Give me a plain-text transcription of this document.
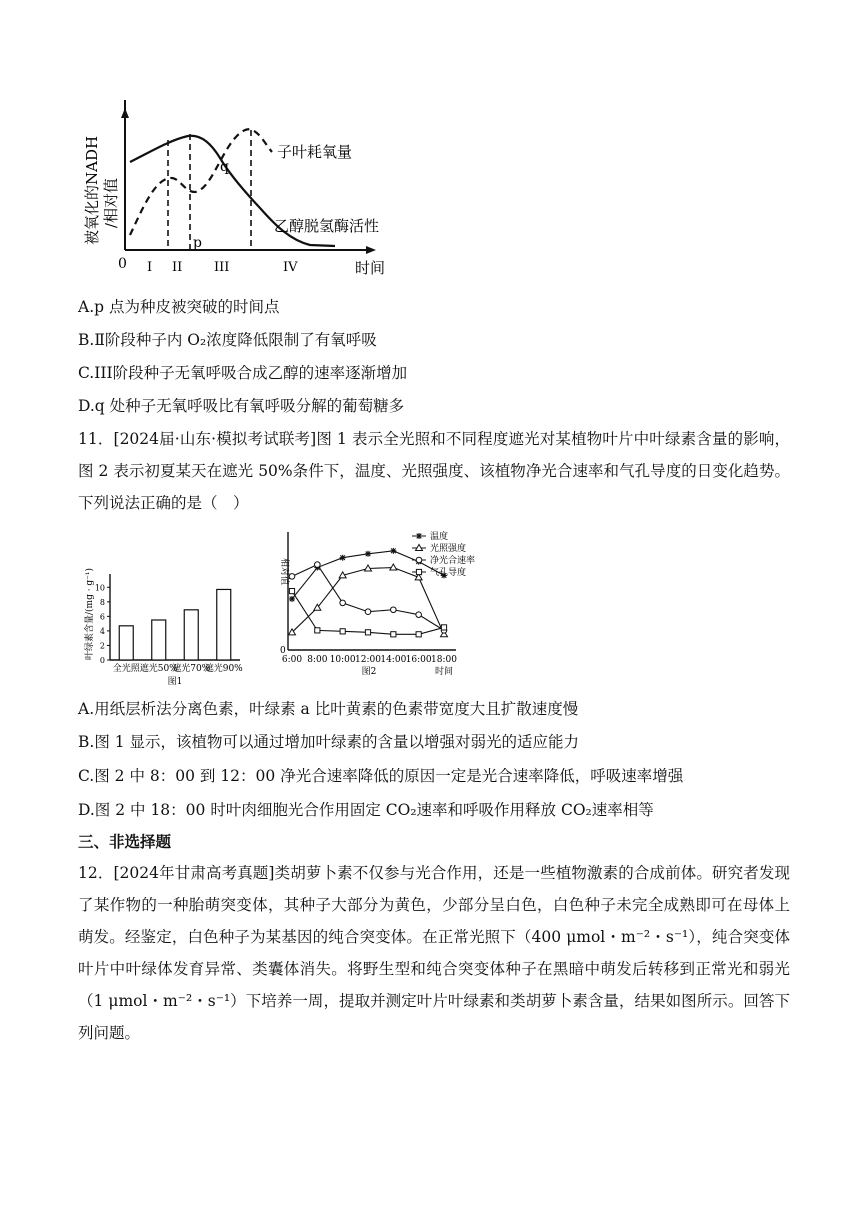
被氧化的NADH /相对值
0	时间
子叶耗氧量
乙醇脱氢酶活性
q
p
I II III	IV
A.p 点为种皮被突破的时间点
B.Ⅱ阶段种子内 O₂浓度降低限制了有氧呼吸
C.III阶段种子无氧呼吸合成乙醇的速率逐渐增加
D.q 处种子无氧呼吸比有氧呼吸分解的葡萄糖多
11．[2024届·山东·模拟考试联考]图 1 表示全光照和不同程度遮光对某植物叶片中叶绿素含量的影响，图 2 表示初夏某天在遮光 50%条件下，温度、光照强度、该植物净光合速率和气孔导度的日变化趋势。下列说法正确的是（　）
叶绿素含量/(mg · g⁻¹)
0
2
4
6
8
10
全光照 遮光50%
遮光70%
遮光90%
图1
相对值
0
6:00 8:00 10:00 12:00 14:00 16:00 18:00
时间
图2
温度
光照强度
净光合速率
气孔导度
A.用纸层析法分离色素，叶绿素 a 比叶黄素的色素带宽度大且扩散速度慢
B.图 1 显示，该植物可以通过增加叶绿素的含量以增强对弱光的适应能力
C.图 2 中 8：00 到 12：00 净光合速率降低的原因一定是光合速率降低，呼吸速率增强
D.图 2 中 18：00 时叶肉细胞光合作用固定 CO₂速率和呼吸作用释放 CO₂速率相等
三、非选择题
12．[2024年甘肃高考真题]类胡萝卜素不仅参与光合作用，还是一些植物激素的合成前体。研究者发现了某作物的一种胎萌突变体，其种子大部分为黄色，少部分呈白色，白色种子未完全成熟即可在母体上萌发。经鉴定，白色种子为某基因的纯合突变体。在正常光照下（400 μmol・m⁻²・s⁻¹），纯合突变体叶片中叶绿体发育异常、类囊体消失。将野生型和纯合突变体种子在黑暗中萌发后转移到正常光和弱光（1 μmol・m⁻²・s⁻¹）下培养一周，提取并测定叶片叶绿素和类胡萝卜素含量，结果如图所示。回答下列问题。
